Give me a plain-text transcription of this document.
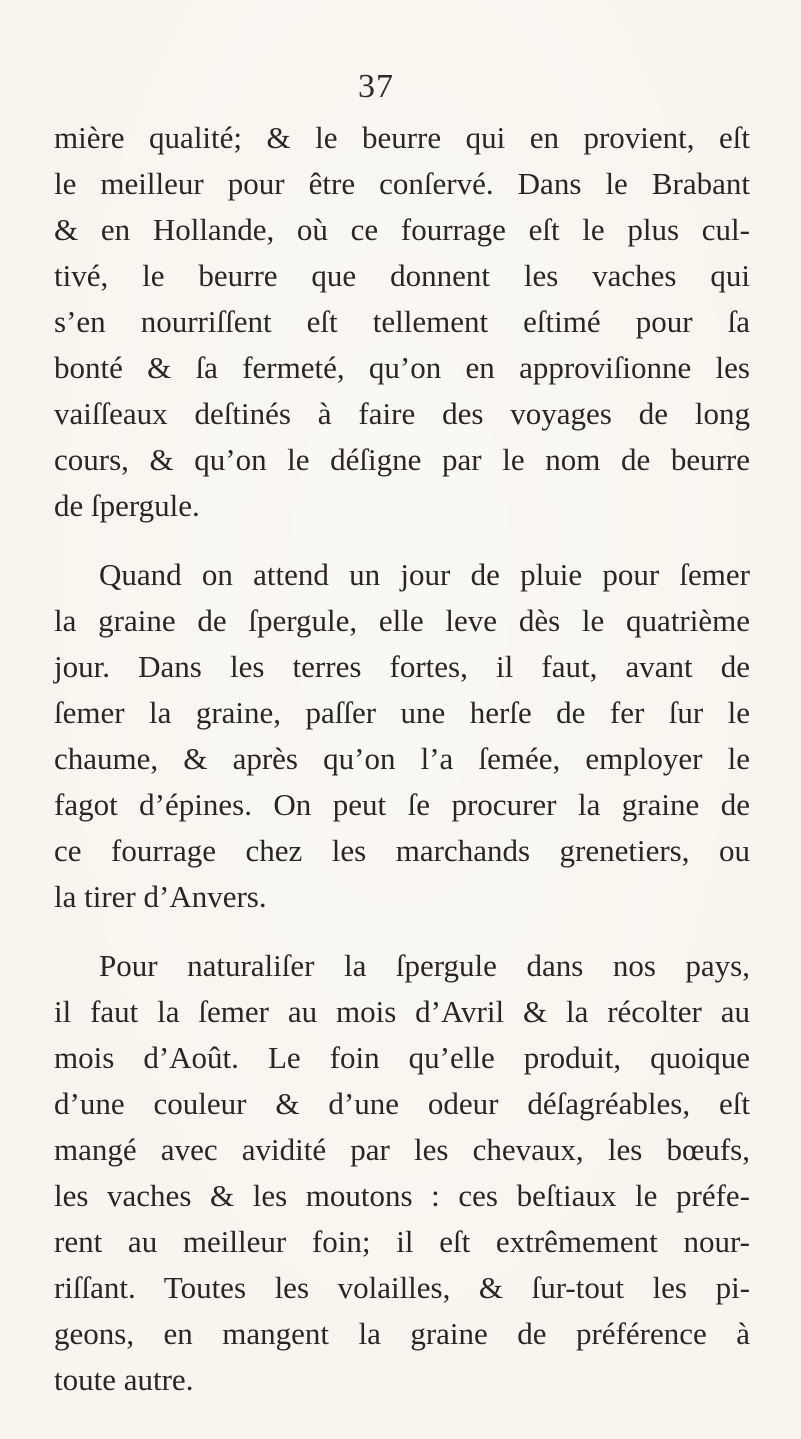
37
miѐre qualité; & le beurre qui en provient, eſt
le meilleur pour être conſervé. Dans le Brabant
& en Hollande, où ce fourrage eſt le plus cul-
tivé, le beurre que donnent les vaches qui
s’en nourriſſent eſt tellement eſtimé pour ſa
bonté & ſa fermeté, qu’on en approviſionne les
vaiſſeaux deſtinés à faire des voyages de long
cours, & qu’on le déſigne par le nom de beurre
de ſpergule.
Quand on attend un jour de pluie pour ſemer
la graine de ſpergule, elle leve dès le quatrième
jour. Dans les terres fortes, il faut, avant de
ſemer la graine, paſſer une herſe de fer ſur le
chaume, & après qu’on l’a ſemée, employer le
fagot d’épines. On peut ſe procurer la graine de
ce fourrage chez les marchands grenetiers, ou
la tirer d’Anvers.
Pour naturaliſer la ſpergule dans nos pays,
il faut la ſemer au mois d’Avril & la récolter au
mois d’Août. Le foin qu’elle produit, quoique
d’une couleur & d’une odeur déſagréables, eſt
mangé avec avidité par les chevaux, les bœufs,
les vaches & les moutons : ces beſtiaux le préfe-
rent au meilleur foin; il eſt extrêmement nour-
riſſant. Toutes les volailles, & ſur-tout les pi-
geons, en mangent la graine de préférence à
toute autre.
